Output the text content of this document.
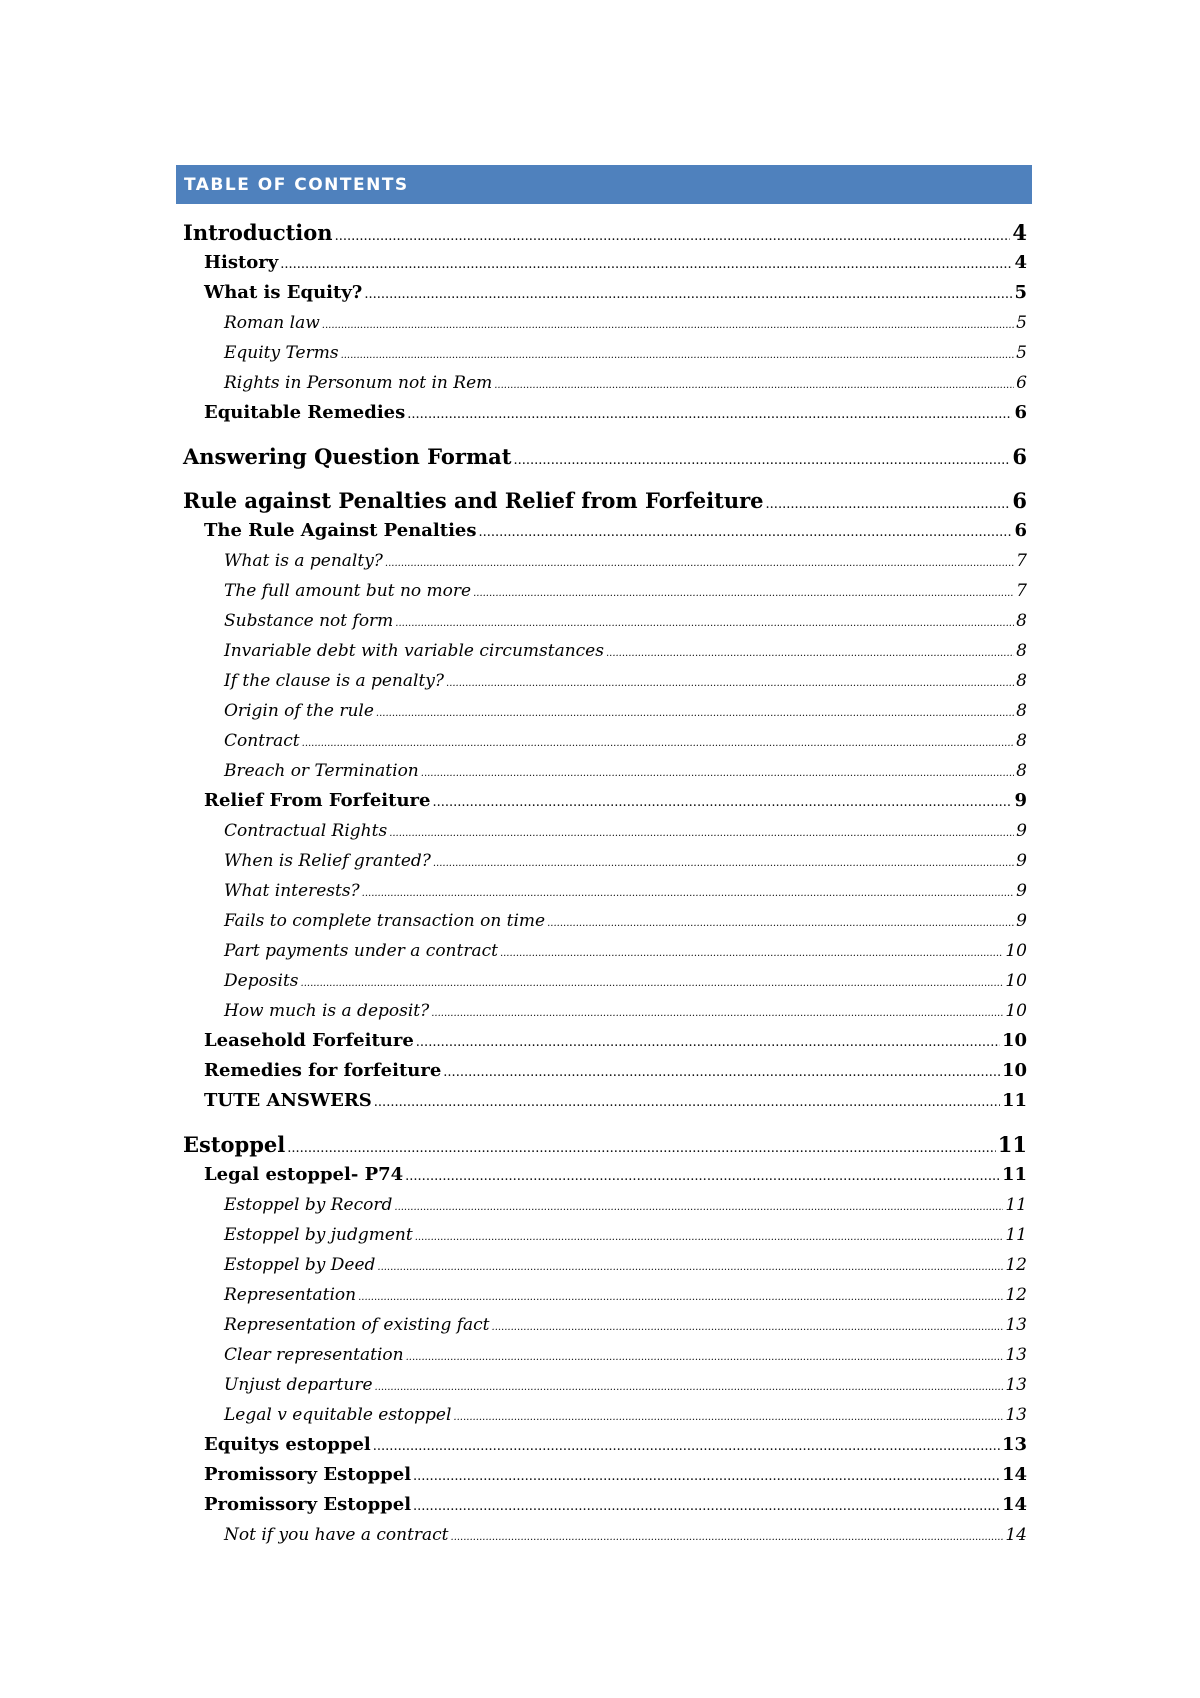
TABLE OF CONTENTS
Introduction .....	4
History .....	4
What is Equity? .....	5
Roman law .....	5
Equity Terms .....	5
Rights in Personum not in Rem .....	6
Equitable Remedies .....	6
Answering Question Format .....	6
Rule against Penalties and Relief from Forfeiture .....	6
The Rule Against Penalties .....	6
What is a penalty? .....	7
The full amount but no more .....	7
Substance not form .....	8
Invariable debt with variable circumstances .....	8
If the clause is a penalty? .....	8
Origin of the rule .....	8
Contract .....	8
Breach or Termination .....	8
Relief From Forfeiture .....	9
Contractual Rights .....	9
When is Relief granted? .....	9
What interests? .....	9
Fails to complete transaction on time .....	9
Part payments under a contract .....	10
Deposits .....	10
How much is a deposit? .....	10
Leasehold Forfeiture .....	10
Remedies for forfeiture .....	10
TUTE ANSWERS .....	11
Estoppel .....	11
Legal estoppel- P74 .....	11
Estoppel by Record .....	11
Estoppel by judgment .....	11
Estoppel by Deed .....	12
Representation .....	12
Representation of existing fact .....	13
Clear representation .....	13
Unjust departure .....	13
Legal v equitable estoppel .....	13
Equitys estoppel .....	13
Promissory Estoppel .....	14
Promissory Estoppel .....	14
Not if you have a contract .....	14
